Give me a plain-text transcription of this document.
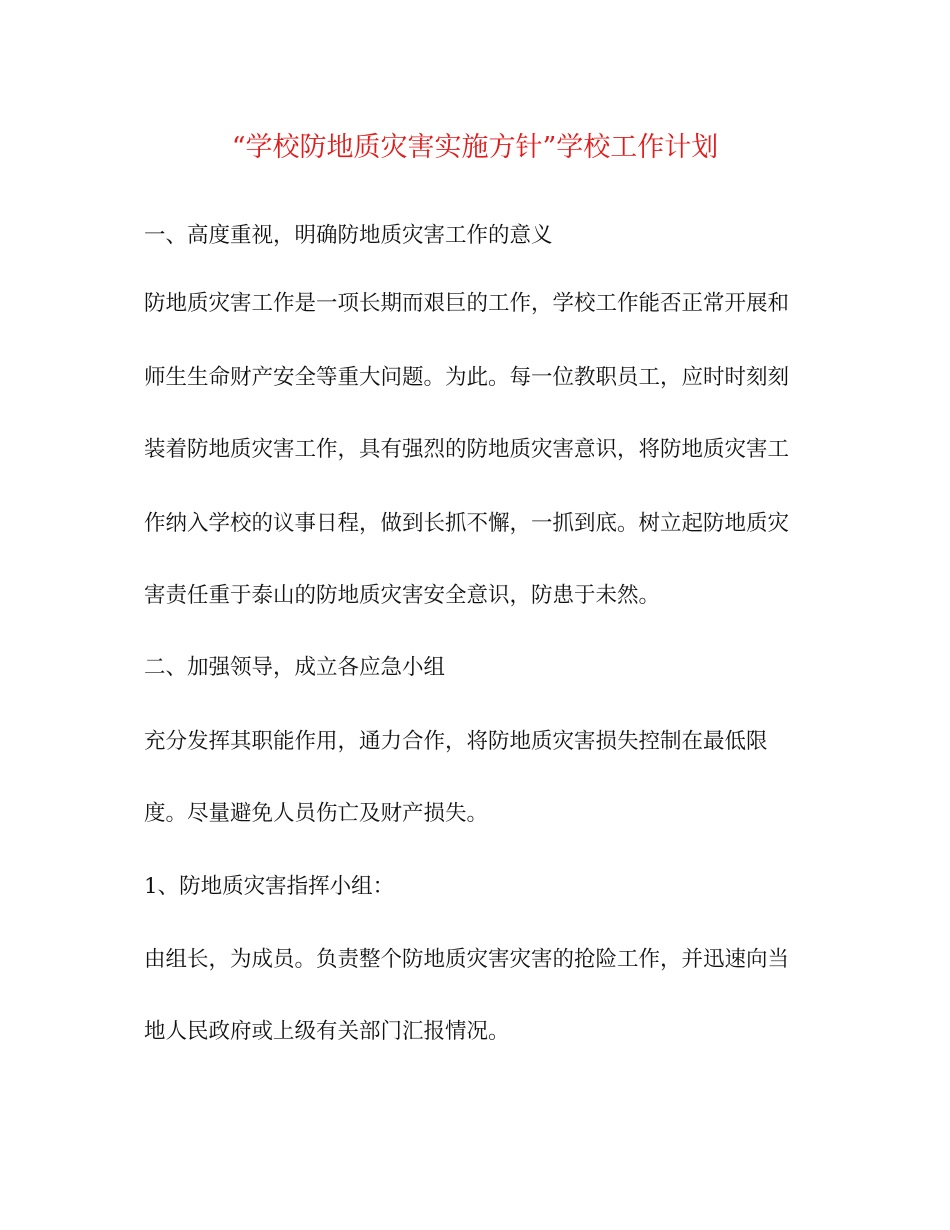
“学校防地质灾害实施方针”学校工作计划
一、高度重视，明确防地质灾害工作的意义
防地质灾害工作是一项长期而艰巨的工作，学校工作能否正常开展和
师生生命财产安全等重大问题。为此。每一位教职员工，应时时刻刻
装着防地质灾害工作，具有强烈的防地质灾害意识，将防地质灾害工
作纳入学校的议事日程，做到长抓不懈，一抓到底。树立起防地质灾
害责任重于泰山的防地质灾害安全意识，防患于未然。
二、加强领导，成立各应急小组
充分发挥其职能作用，通力合作，将防地质灾害损失控制在最低限
度。尽量避免人员伤亡及财产损失。
1、防地质灾害指挥小组：
由组长，为成员。负责整个防地质灾害灾害的抢险工作，并迅速向当
地人民政府或上级有关部门汇报情况。
